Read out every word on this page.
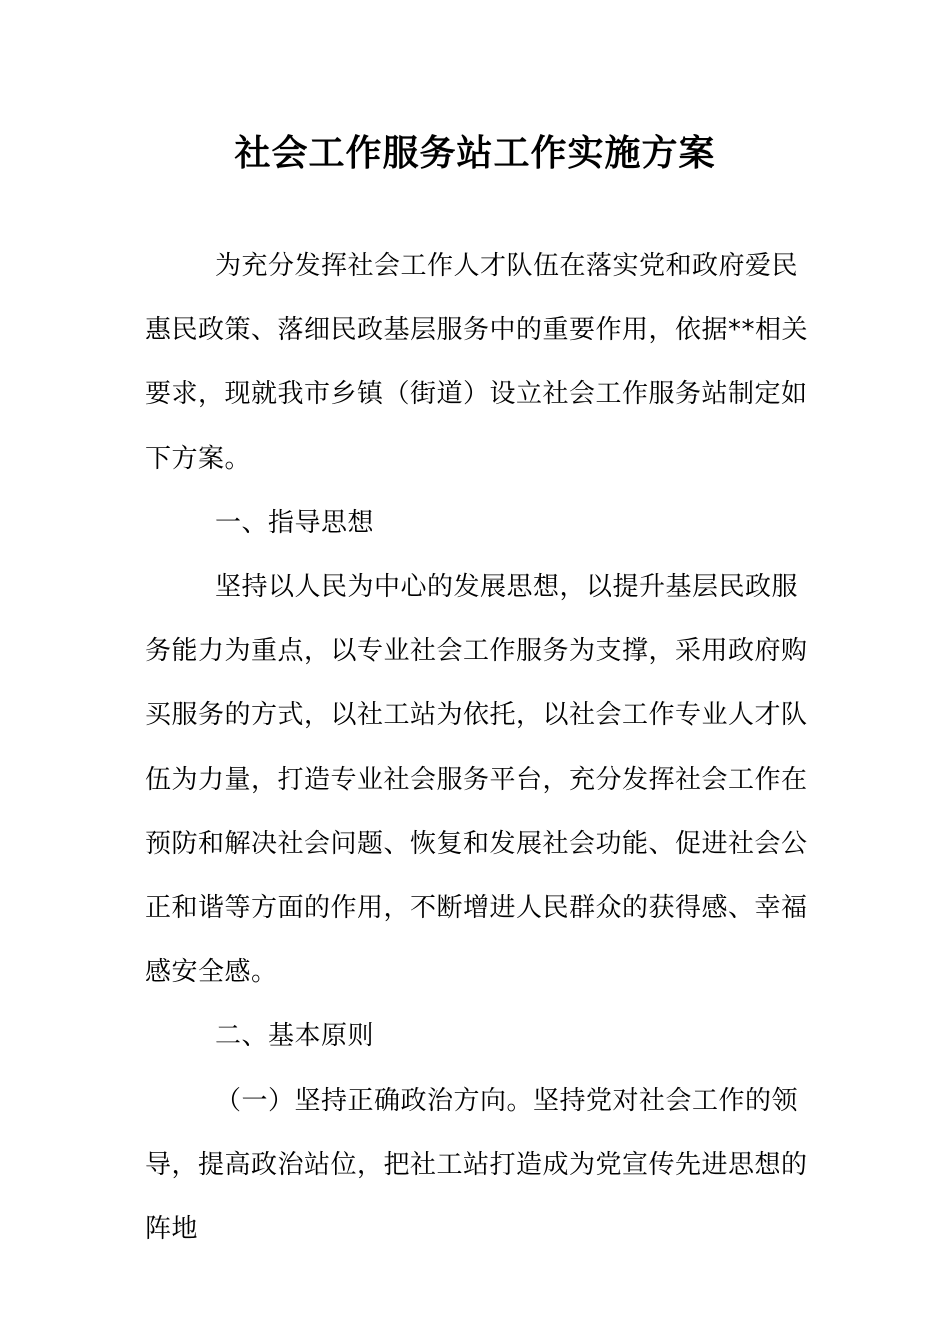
社会工作服务站工作实施方案

为充分发挥社会工作人才队伍在落实党和政府爱民惠民政策、落细民政基层服务中的重要作用，依据**相关要求，现就我市乡镇（街道）设立社会工作服务站制定如下方案。

一、指导思想

坚持以人民为中心的发展思想，以提升基层民政服务能力为重点，以专业社会工作服务为支撑，采用政府购买服务的方式，以社工站为依托，以社会工作专业人才队伍为力量，打造专业社会服务平台，充分发挥社会工作在预防和解决社会问题、恢复和发展社会功能、促进社会公正和谐等方面的作用，不断增进人民群众的获得感、幸福感安全感。

二、基本原则

（一）坚持正确政治方向。坚持党对社会工作的领导，提高政治站位，把社工站打造成为党宣传先进思想的阵地
